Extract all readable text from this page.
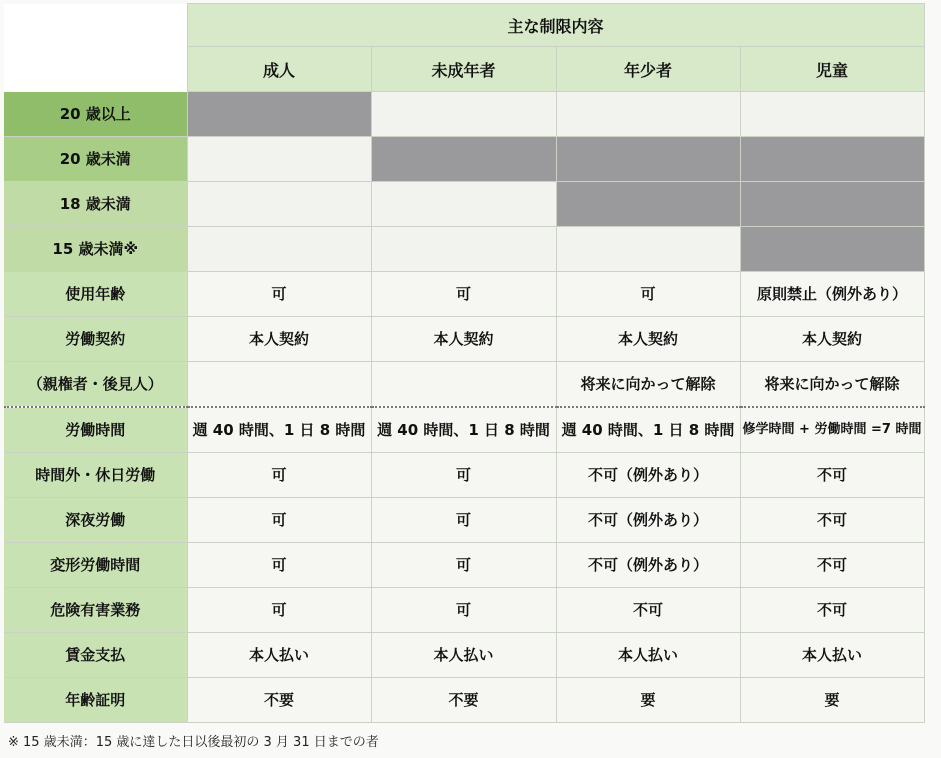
	主な制限内容			
	成人	未成年者	年少者	児童
20 歳以上				
20 歳未満				
18 歳未満				
15 歳未満※				
使用年齢	可	可	可	原則禁止（例外あり）
労働契約	本人契約	本人契約	本人契約	本人契約
（親権者・後見人）			将来に向かって解除	将来に向かって解除
労働時間	週 40 時間、1 日 8 時間	週 40 時間、1 日 8 時間	週 40 時間、1 日 8 時間	修学時間 + 労働時間 =7 時間
時間外・休日労働	可	可	不可（例外あり）	不可
深夜労働	可	可	不可（例外あり）	不可
変形労働時間	可	可	不可（例外あり）	不可
危険有害業務	可	可	不可	不可
賃金支払	本人払い	本人払い	本人払い	本人払い
年齢証明	不要	不要	要	要
※ 15 歳未満：15 歳に達した日以後最初の 3 月 31 日までの者
